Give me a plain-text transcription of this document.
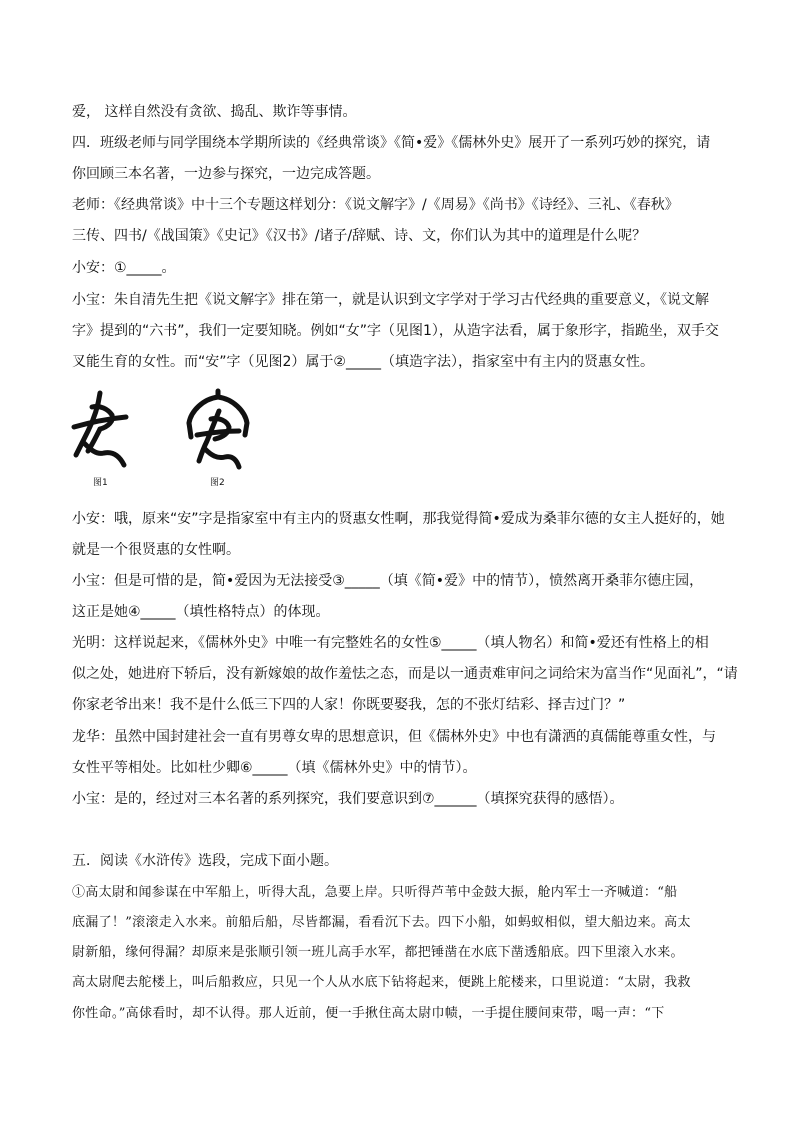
爱， 这样自然没有贪欲、捣乱、欺诈等事情。
四．班级老师与同学围绕本学期所读的《经典常谈》《简•爱》《儒林外史》展开了一系列巧妙的探究，请
你回顾三本名著，一边参与探究，一边完成答题。
老师：《经典常谈》中十三个专题这样划分：《说文解字》/《周易》《尚书》《诗经》、三礼、《春秋》
三传、四书/《战国策》《史记》《汉书》/诸子/辞赋、诗、文，你们认为其中的道理是什么呢？
小安：①_____。
小宝：朱自清先生把《说文解字》排在第一，就是认识到文字学对于学习古代经典的重要意义，《说文解
字》提到的“六书”，我们一定要知晓。例如“女”字（见图1），从造字法看，属于象形字，指跪坐，双手交
叉能生育的女性。而“安”字（见图2）属于②_____（填造字法），指家室中有主内的贤惠女性。
图1	图2
小安：哦，原来“安”字是指家室中有主内的贤惠女性啊，那我觉得简•爱成为桑菲尔德的女主人挺好的，她
就是一个很贤惠的女性啊。
小宝：但是可惜的是，简•爱因为无法接受③_____（填《简•爱》中的情节），愤然离开桑菲尔德庄园，
这正是她④_____（填性格特点）的体现。
光明：这样说起来，《儒林外史》中唯一有完整姓名的女性⑤_____（填人物名）和简•爱还有性格上的相
似之处，她进府下轿后，没有新嫁娘的故作羞怯之态，而是以一通责难审问之词给宋为富当作“见面礼”，“请
你家老爷出来！我不是什么低三下四的人家！你既要娶我，怎的不张灯结彩、择吉过门？”
龙华：虽然中国封建社会一直有男尊女卑的思想意识，但《儒林外史》中也有潇洒的真儒能尊重女性，与
女性平等相处。比如杜少卿⑥_____（填《儒林外史》中的情节）。
小宝：是的，经过对三本名著的系列探究，我们要意识到⑦______（填探究获得的感悟）。
五．阅读《水浒传》选段，完成下面小题。
①高太尉和闻参谋在中军船上，听得大乱，急要上岸。只听得芦苇中金鼓大振，舱内军士一齐喊道：“船
底漏了！”滚滚走入水来。前船后船，尽皆都漏，看看沉下去。四下小船，如蚂蚁相似，望大船边来。高太
尉新船，缘何得漏？却原来是张顺引领一班儿高手水军，都把锤凿在水底下凿透船底。四下里滚入水来。
高太尉爬去舵楼上，叫后船救应，只见一个人从水底下钻将起来，便跳上舵楼来，口里说道：“太尉，我救
你性命。”高俅看时，却不认得。那人近前，便一手揪住高太尉巾帻，一手提住腰间束带，喝一声：“下
